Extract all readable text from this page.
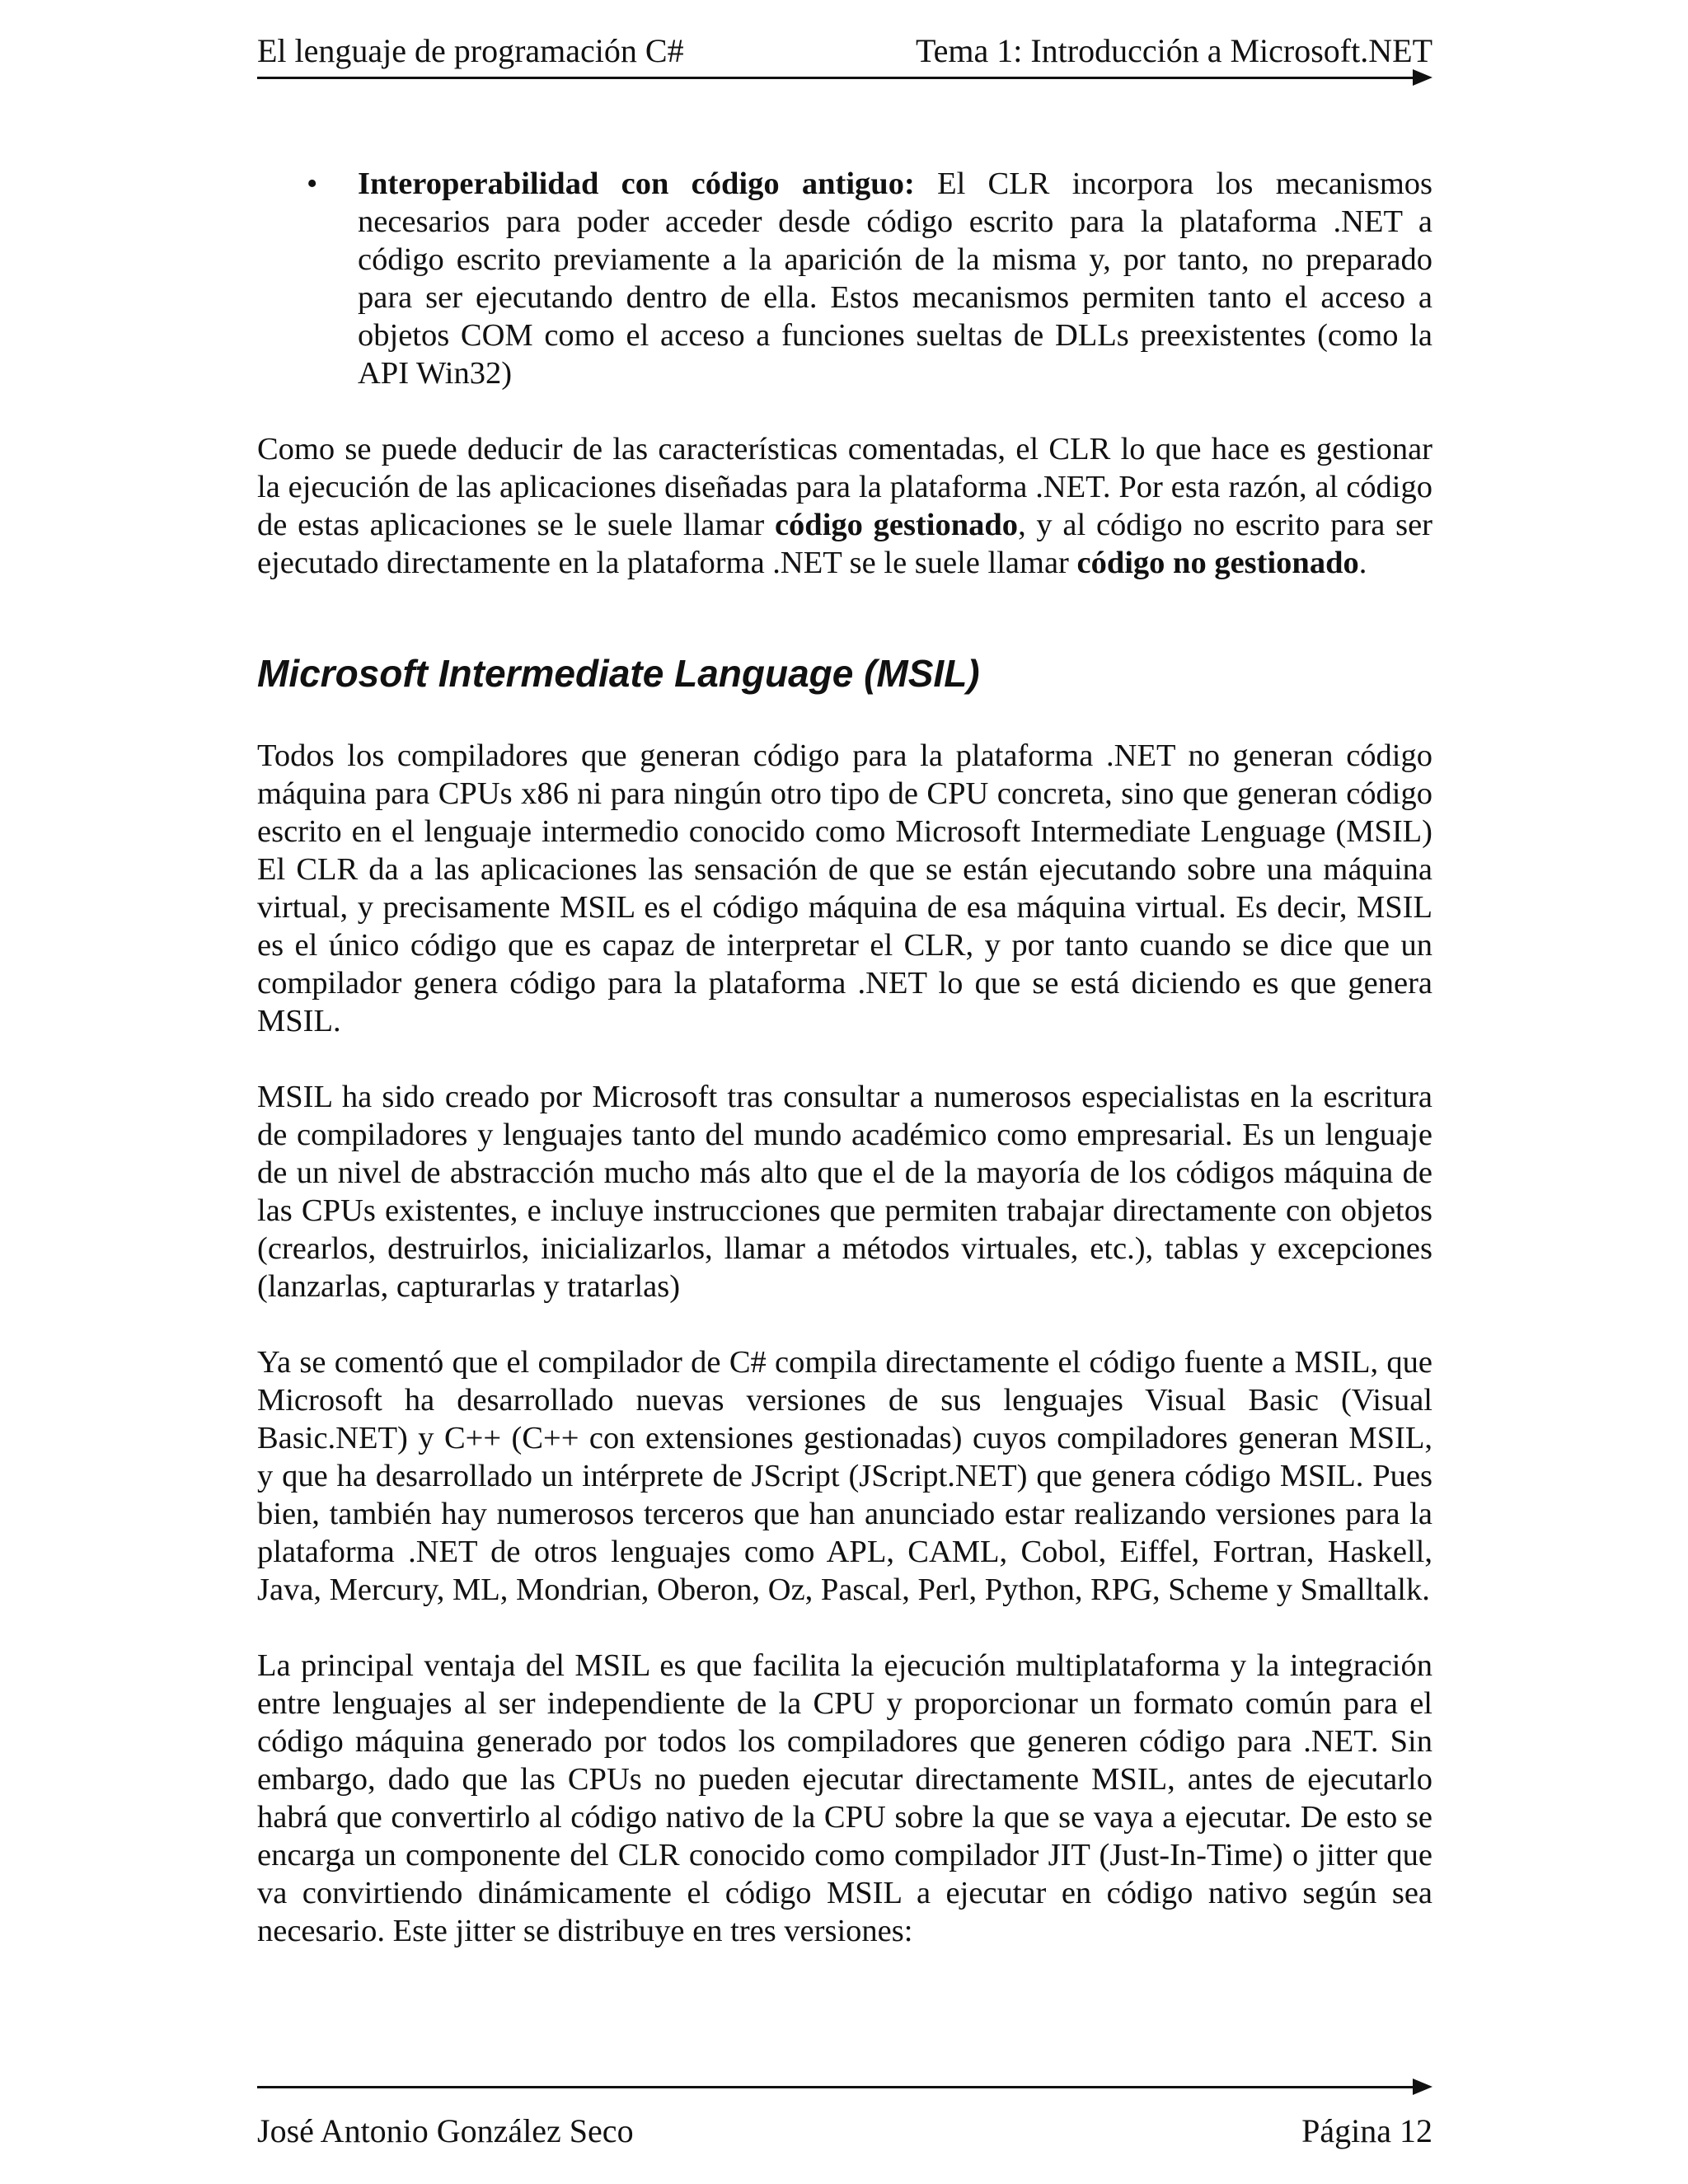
El lenguaje de programación C#	Tema 1: Introducción a Microsoft.NET
• Interoperabilidad con código antiguo: El CLR incorpora los mecanismos necesarios para poder acceder desde código escrito para la plataforma .NET a código escrito previamente a la aparición de la misma y, por tanto, no preparado para ser ejecutando dentro de ella. Estos mecanismos permiten tanto el acceso a objetos COM como el acceso a funciones sueltas de DLLs preexistentes (como la API Win32)

Como se puede deducir de las características comentadas, el CLR lo que hace es gestionar la ejecución de las aplicaciones diseñadas para la plataforma .NET. Por esta razón, al código de estas aplicaciones se le suele llamar código gestionado, y al código no escrito para ser ejecutado directamente en la plataforma .NET se le suele llamar código no gestionado.

Microsoft Intermediate Language (MSIL)

Todos los compiladores que generan código para la plataforma .NET no generan código máquina para CPUs x86 ni para ningún otro tipo de CPU concreta, sino que generan código escrito en el lenguaje intermedio conocido como Microsoft Intermediate Lenguage (MSIL) El CLR da a las aplicaciones las sensación de que se están ejecutando sobre una máquina virtual, y precisamente MSIL es el código máquina de esa máquina virtual. Es decir, MSIL es el único código que es capaz de interpretar el CLR, y por tanto cuando se dice que un compilador genera código para la plataforma .NET lo que se está diciendo es que genera MSIL.

MSIL ha sido creado por Microsoft tras consultar a numerosos especialistas en la escritura de compiladores y lenguajes tanto del mundo académico como empresarial. Es un lenguaje de un nivel de abstracción mucho más alto que el de la mayoría de los códigos máquina de las CPUs existentes, e incluye instrucciones que permiten trabajar directamente con objetos (crearlos, destruirlos, inicializarlos, llamar a métodos virtuales, etc.), tablas y excepciones (lanzarlas, capturarlas y tratarlas)

Ya se comentó que el compilador de C# compila directamente el código fuente a MSIL, que Microsoft ha desarrollado nuevas versiones de sus lenguajes Visual Basic (Visual Basic.NET) y C++ (C++ con extensiones gestionadas) cuyos compiladores generan MSIL, y que ha desarrollado un intérprete de JScript (JScript.NET) que genera código MSIL. Pues bien, también hay numerosos terceros que han anunciado estar realizando versiones para la plataforma .NET de otros lenguajes como APL, CAML, Cobol, Eiffel, Fortran, Haskell, Java, Mercury, ML, Mondrian, Oberon, Oz, Pascal, Perl, Python, RPG, Scheme y Smalltalk.

La principal ventaja del MSIL es que facilita la ejecución multiplataforma y la integración entre lenguajes al ser independiente de la CPU y proporcionar un formato común para el código máquina generado por todos los compiladores que generen código para .NET. Sin embargo, dado que las CPUs no pueden ejecutar directamente MSIL, antes de ejecutarlo habrá que convertirlo al código nativo de la CPU sobre la que se vaya a ejecutar. De esto se encarga un componente del CLR conocido como compilador JIT (Just-In-Time) o jitter que va convirtiendo dinámicamente el código MSIL a ejecutar en código nativo según sea necesario. Este jitter se distribuye en tres versiones:

José Antonio González Seco	Página 12
